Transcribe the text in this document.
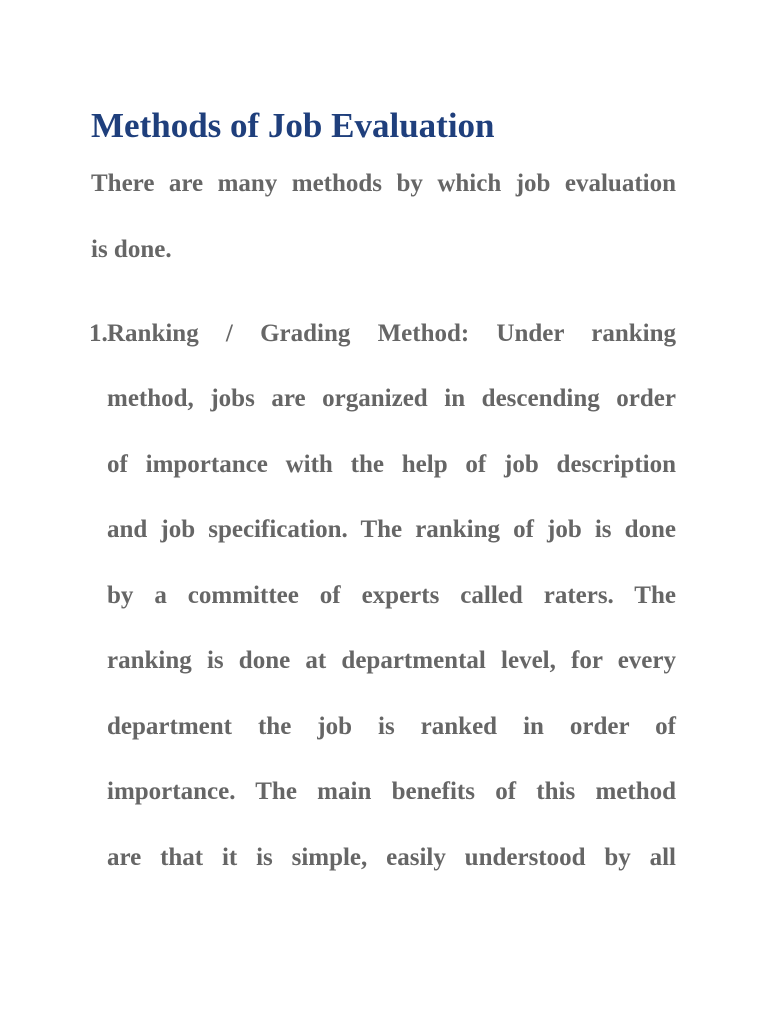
Methods of Job Evaluation
There are many methods by which job evaluation
is done.
1. Ranking / Grading Method: Under ranking
method, jobs are organized in descending order
of importance with the help of job description
and job specification. The ranking of job is done
by a committee of experts called raters. The
ranking is done at departmental level, for every
department the job is ranked in order of
importance. The main benefits of this method
are that it is simple, easily understood by all
